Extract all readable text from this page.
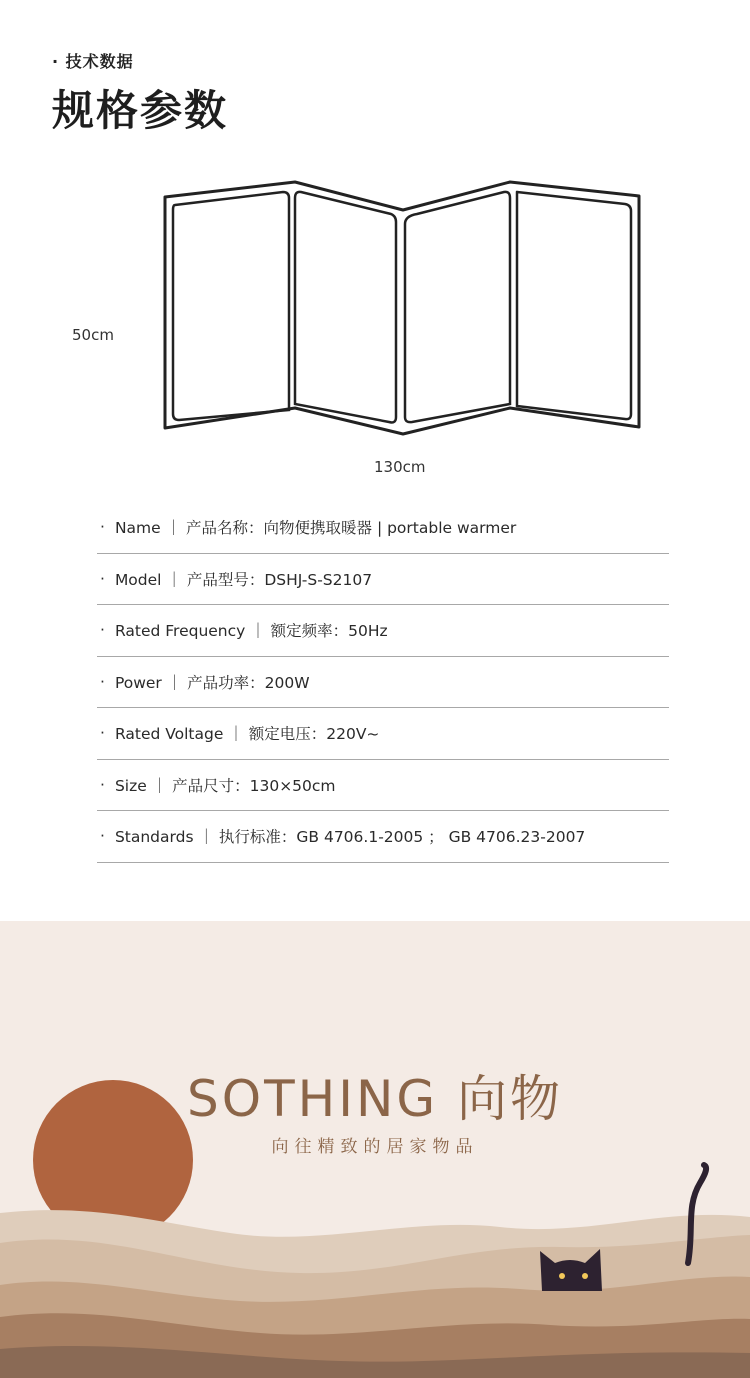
· 技术数据
规格参数
50cm
130cm
· Name ｜ 产品名称：向物便携取暖器 | portable warmer
· Model ｜ 产品型号：DSHJ-S-S2107
· Rated Frequency ｜ 额定频率：50Hz
· Power ｜ 产品功率：200W
· Rated Voltage ｜ 额定电压：220V~
· Size ｜ 产品尺寸：130×50cm
· Standards ｜ 执行标准：GB 4706.1-2005 ； GB 4706.23-2007
SOTHING 向物
向往精致的居家物品
